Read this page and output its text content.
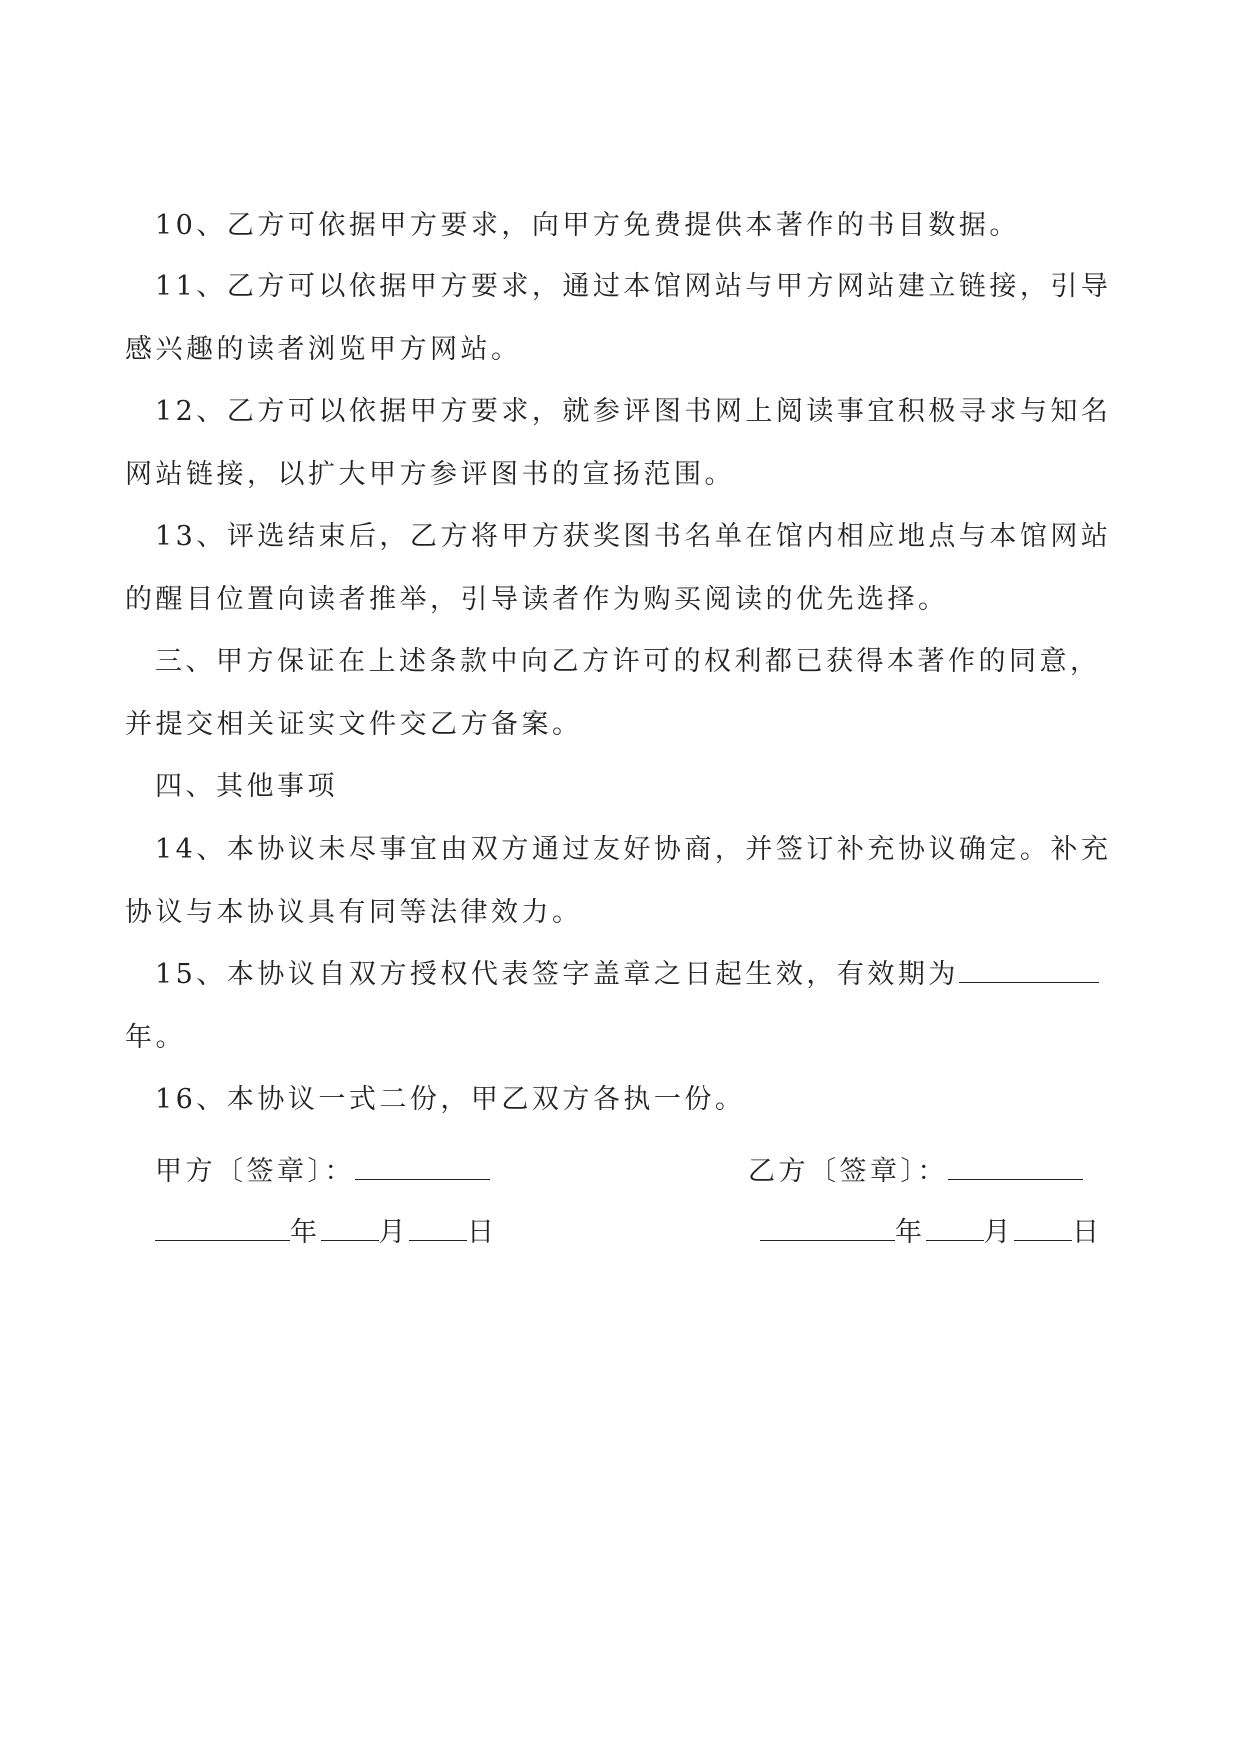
10、乙方可依据甲方要求，向甲方免费提供本著作的书目数据。
11、乙方可以依据甲方要求，通过本馆网站与甲方网站建立链接，引导
感兴趣的读者浏览甲方网站。
12、乙方可以依据甲方要求，就参评图书网上阅读事宜积极寻求与知名
网站链接，以扩大甲方参评图书的宣扬范围。
13、评选结束后，乙方将甲方获奖图书名单在馆内相应地点与本馆网站
的醒目位置向读者推举，引导读者作为购买阅读的优先选择。
三、甲方保证在上述条款中向乙方许可的权利都已获得本著作的同意，
并提交相关证实文件交乙方备案。
四、其他事项
14、本协议未尽事宜由双方通过友好协商，并签订补充协议确定。补充
协议与本协议具有同等法律效力。
15、本协议自双方授权代表签字盖章之日起生效，有效期为
年。
16、本协议一式二份，甲乙双方各执一份。
甲方〔签章〕：	乙方〔签章〕：
年 月 日	年 月 日
